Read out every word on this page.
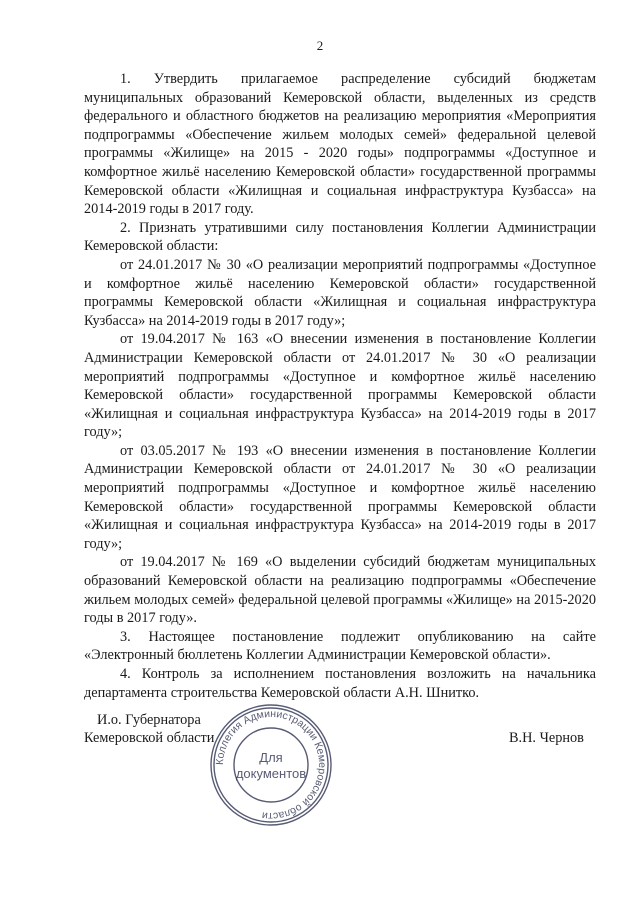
2

1. Утвердить прилагаемое распределение субсидий бюджетам муниципальных образований Кемеровской области, выделенных из средств федерального и областного бюджетов на реализацию мероприятия «Мероприятия подпрограммы «Обеспечение жильем молодых семей» федеральной целевой программы «Жилище» на 2015 - 2020 годы» подпрограммы «Доступное и комфортное жильё населению Кемеровской области» государственной программы Кемеровской области «Жилищная и социальная инфраструктура Кузбасса» на 2014-2019 годы в 2017 году.

2. Признать утратившими силу постановления Коллегии Администрации Кемеровской области:

от 24.01.2017 № 30 «О реализации мероприятий подпрограммы «Доступное и комфортное жильё населению Кемеровской области» государственной программы Кемеровской области «Жилищная и социальная инфраструктура Кузбасса» на 2014-2019 годы в 2017 году»;

от 19.04.2017 № 163 «О внесении изменения в постановление Коллегии Администрации Кемеровской области от 24.01.2017 № 30 «О реализации мероприятий подпрограммы «Доступное и комфортное жильё населению Кемеровской области» государственной программы Кемеровской области «Жилищная и социальная инфраструктура Кузбасса» на 2014-2019 годы в 2017 году»;

от 03.05.2017 № 193 «О внесении изменения в постановление Коллегии Администрации Кемеровской области от 24.01.2017 № 30 «О реализации мероприятий подпрограммы «Доступное и комфортное жильё населению Кемеровской области» государственной программы Кемеровской области «Жилищная и социальная инфраструктура Кузбасса» на 2014-2019 годы в 2017 году»;

от 19.04.2017 № 169 «О выделении субсидий бюджетам муниципальных образований Кемеровской области на реализацию подпрограммы «Обеспечение жильем молодых семей» федеральной целевой программы «Жилище» на 2015-2020 годы в 2017 году».

3. Настоящее постановление подлежит опубликованию на сайте «Электронный бюллетень Коллегии Администрации Кемеровской области».

4. Контроль за исполнением постановления возложить на начальника департамента строительства Кемеровской области А.Н. Шнитко.

И.о. Губернатора
Кемеровской области	В.Н. Чернов
Коллегия Администрации Кемеровской области
Для
документов
